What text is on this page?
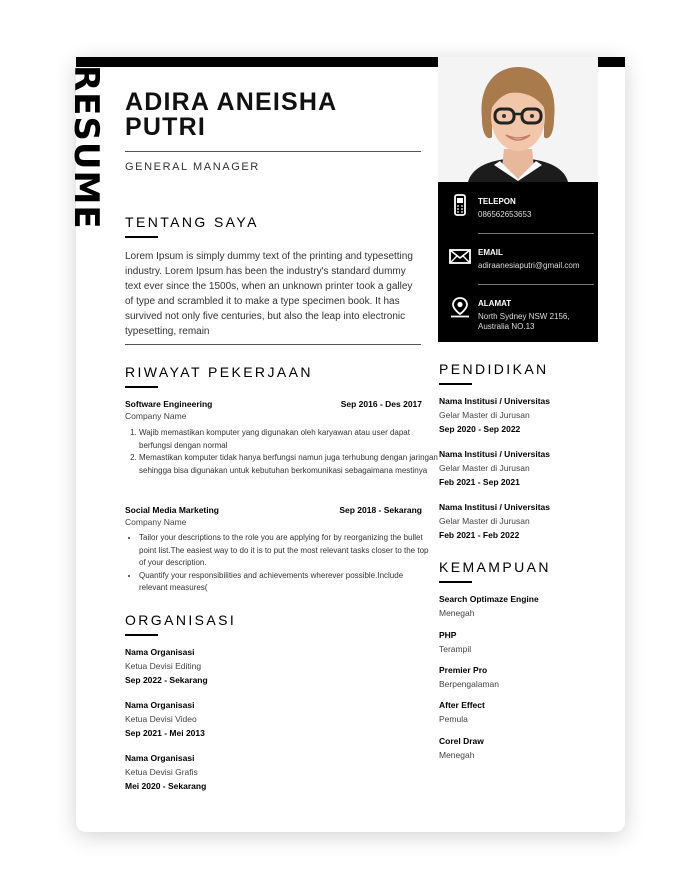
RESUME ADIRA ANEISHA PUTRI
GENERAL MANAGER
TENTANG SAYA
Lorem Ipsum is simply dummy text of the printing and typesetting industry. Lorem Ipsum has been the industry's standard dummy text ever since the 1500s, when an unknown printer took a galley of type and scrambled it to make a type specimen book. It has survived not only five centuries, but also the leap into electronic typesetting, remain
RIWAYAT PEKERJAAN
Software Engineering	Sep 2016 - Des 2017
Company Name
1. Wajib memastikan komputer yang digunakan oleh karyawan atau user dapat berfungsi dengan normal
2. Memastikan komputer tidak hanya berfungsi namun juga terhubung dengan jaringan sehingga bisa digunakan untuk kebutuhan berkomunikasi sebagaimana mestinya
Social Media Marketing	Sep 2018 - Sekarang
Company Name
• Tailor your descriptions to the role you are applying for by reorganizing the bullet point list.The easiest way to do it is to put the most relevant tasks closer to the top of your description.
• Quantify your responsibilities and achievements wherever possible.Include relevant measures(
ORGANISASI
Nama Organisasi
Ketua Devisi Editing
Sep 2022 - Sekarang
Nama Organisasi
Ketua Devisi Video
Sep 2021 - Mei 2013
Nama Organisasi
Ketua Devisi Grafis
Mei 2020 - Sekarang
TELEPON
086562653653
EMAIL
adiraanesiaputri@gmail.com
ALAMAT
North Sydney NSW 2156, Australia NO.13
PENDIDIKAN
Nama Institusi / Universitas
Gelar Master di Jurusan
Sep 2020 - Sep 2022
Nama Institusi / Universitas
Gelar Master di Jurusan
Feb 2021 - Sep 2021
Nama Institusi / Universitas
Gelar Master di Jurusan
Feb 2021 - Feb 2022
KEMAMPUAN
Search Optimaze Engine
Menegah
PHP
Terampil
Premier Pro
Berpengalaman
After Effect
Pemula
Corel Draw
Menegah
